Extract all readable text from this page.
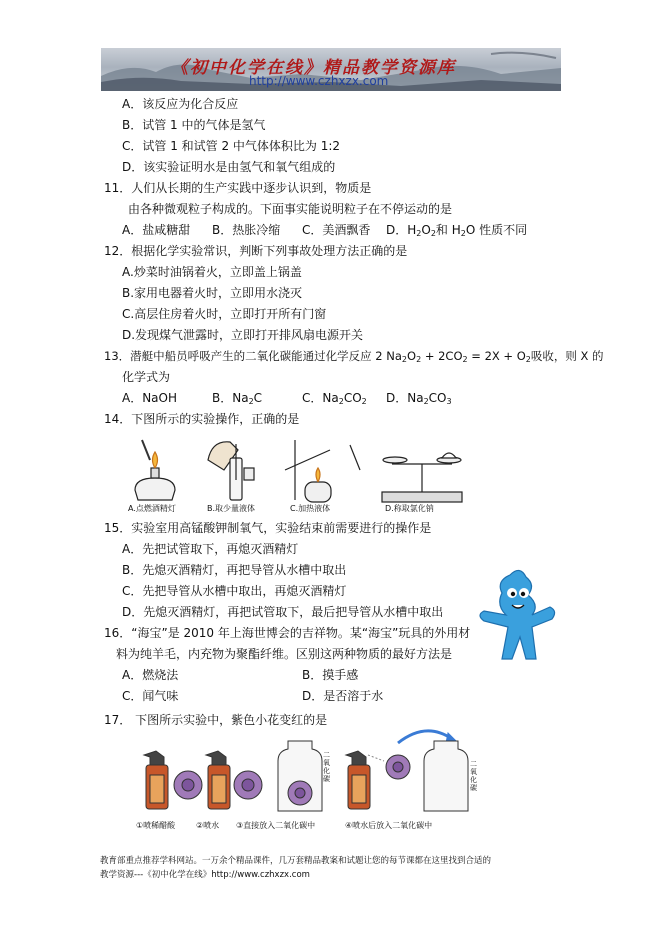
《初中化学在线》精品教学资源库
http://www.czhxzx.com
A．该反应为化合反应
B．试管 1 中的气体是氢气
C．试管 1 和试管 2 中气体体积比为 1:2
D．该实验证明水是由氢气和氧气组成的
11．人们从长期的生产实践中逐步认识到，物质是
由各种微观粒子构成的。下面事实能说明粒子在不停运动的是
A．盐咸糖甜 B．热胀冷缩 C．美酒飘香 D．$H_2O_2$和 $H_2O$ 性质不同
12．根据化学实验常识，判断下列事故处理方法正确的是
A.炒菜时油锅着火，立即盖上锅盖
B.家用电器着火时，立即用水浇灭
C.高层住房着火时，立即打开所有门窗
D.发现煤气泄露时，立即打开排风扇电源开关
13．潜艇中船员呼吸产生的二氧化碳能通过化学反应 2 $Na_2O_2 + 2CO_2 = 2X + O_2$吸收，则 X 的
化学式为
A．NaOH	B．$Na_2C$	C．$Na_2CO_2$ D．$Na_2CO_3$
14．下图所示的实验操作，正确的是
A.点燃酒精灯	B.取少量液体	C.加热液体	D.称取氯化钠
15．实验室用高锰酸钾制氧气，实验结束前需要进行的操作是
A．先把试管取下，再熄灭酒精灯
B．先熄灭酒精灯，再把导管从水槽中取出
C．先把导管从水槽中取出，再熄灭酒精灯
D．先熄灭酒精灯，再把试管取下，最后把导管从水槽中取出
16．“海宝”是 2010 年上海世博会的吉祥物。某“海宝”玩具的外用材
料为纯羊毛，内充物为聚酯纤维。区别这两种物质的最好方法是
A．燃烧法	B．摸手感
C．闻气味	D．是否溶于水
17． 下图所示实验中，紫色小花变红的是
二氧化碳
二氧化碳
①喷稀醋酸	②喷水 ③直接放入二氧化碳中	④喷水后放入二氧化碳中
教育部重点推荐学科网站。一万余个精品课件，几万套精品教案和试题让您的每节课都在这里找到合适的
教学资源---《初中化学在线》http://www.czhxzx.com
